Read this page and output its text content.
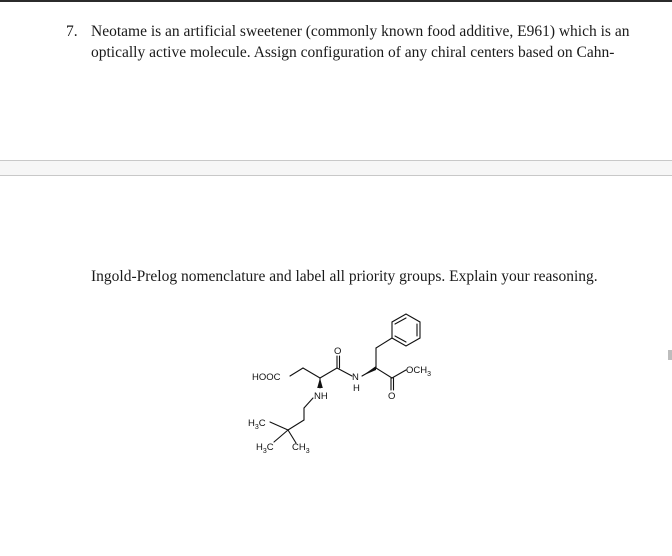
7. Neotame is an artificial sweetener (commonly known food additive, E961) which is an optically active molecule. Assign configuration of any chiral centers based on Cahn-
Ingold-Prelog nomenclature and label all priority groups. Explain your reasoning.
HOOC
NH
N
H
O
O
$OCH_3$
$H_3C$
$H_3C$ $CH_3$
